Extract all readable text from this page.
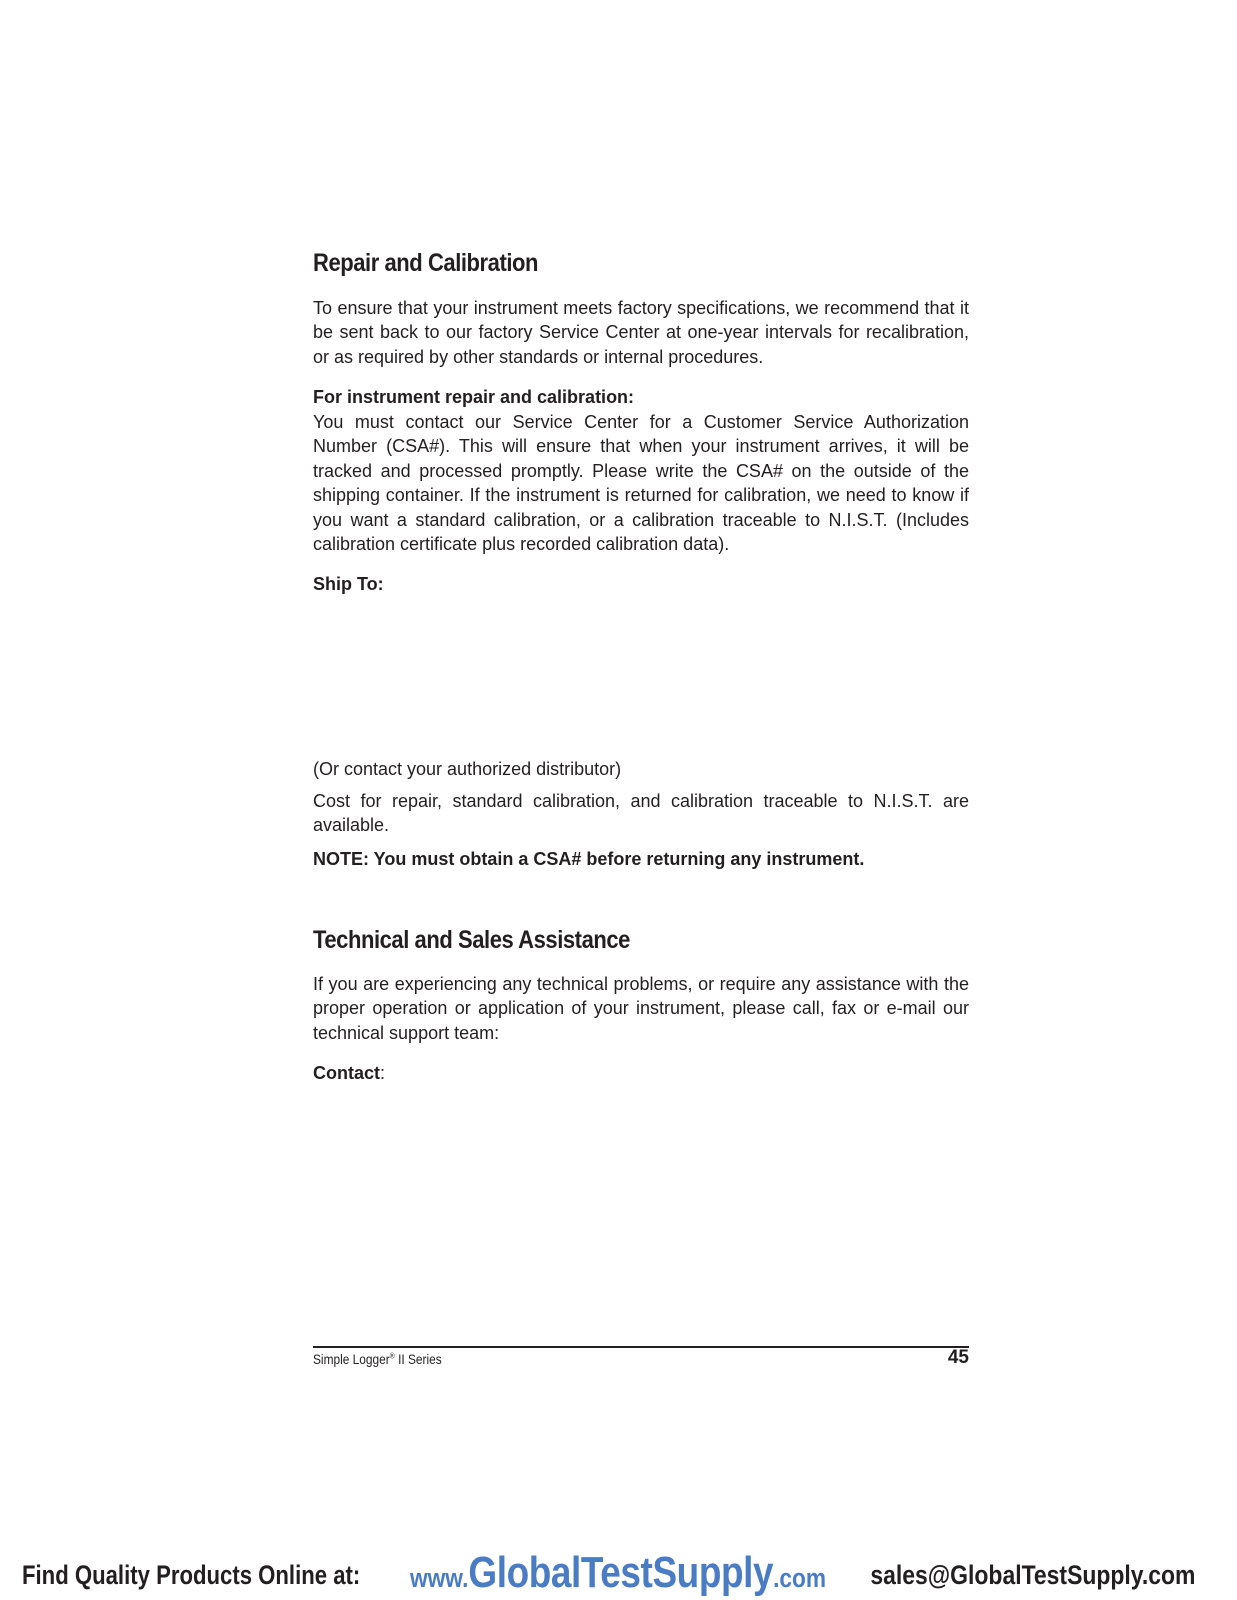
Repair and Calibration

To ensure that your instrument meets factory specifications, we recommend that it be sent back to our factory Service Center at one-year intervals for recalibration, or as required by other standards or internal procedures.

For instrument repair and calibration:

You must contact our Service Center for a Customer Service Authorization Number (CSA#). This will ensure that when your instrument arrives, it will be tracked and processed promptly. Please write the CSA# on the outside of the shipping container. If the instrument is returned for calibration, we need to know if you want a standard calibration, or a calibration traceable to N.I.S.T. (Includes calibration certificate plus recorded calibration data).

Ship To:

(Or contact your authorized distributor)

Cost for repair, standard calibration, and calibration traceable to N.I.S.T. are available.

NOTE: You must obtain a CSA# before returning any instrument.

Technical and Sales Assistance

If you are experiencing any technical problems, or require any assistance with the proper operation or application of your instrument, please call, fax or e-mail our technical support team:

Contact:

Simple Logger® II Series	45
Find Quality Products Online at: www.GlobalTestSupply.com sales@GlobalTestSupply.com
